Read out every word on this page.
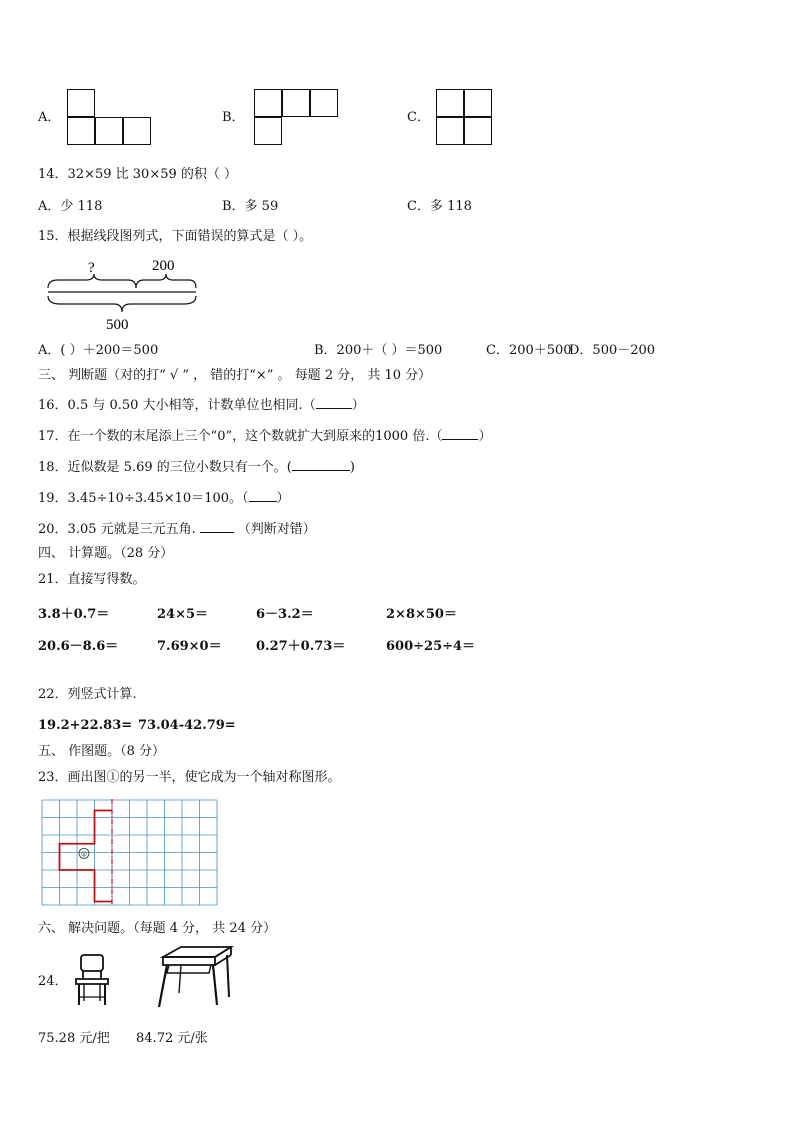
A．	B．	C．
14．32×59 比 30×59 的积（ ）
A．少 118	B．多 59	C．多 118
15．根据线段图列式，下面错误的算式是（ ）。
?	200
500
A．( ）＋200＝500	B．200＋（ ）＝500	C．200＋500
D．500－200
三、 判断题（对的打“ √ ” ， 错的打“×” 。 每题 2 分， 共 10 分）
16．0.5 与 0.50 大小相等，计数单位也相同.（	）
17．在一个数的末尾添上三个“0”，这个数就扩大到原来的1000 倍.（	）
18．近似数是 5.69 的三位小数只有一个。(	)
19．3.45÷10÷3.45×10＝100。（ ）
20．3.05 元就是三元五角.	（判断对错）
四、 计算题。（28 分）
21．直接写得数。
3.8＋0.7＝	24×5＝	6－3.2＝	2×8×50＝
20.6－8.6＝	7.69×0＝	0.27＋0.73＝	600÷25÷4＝
22．列竖式计算.
19.2+22.83= 73.04-42.79=
五、 作图题。（8 分）
23．画出图①的另一半，使它成为一个轴对称图形。
①
六、 解决问题。（每题 4 分， 共 24 分）
24．
75.28 元/把 84.72 元/张
